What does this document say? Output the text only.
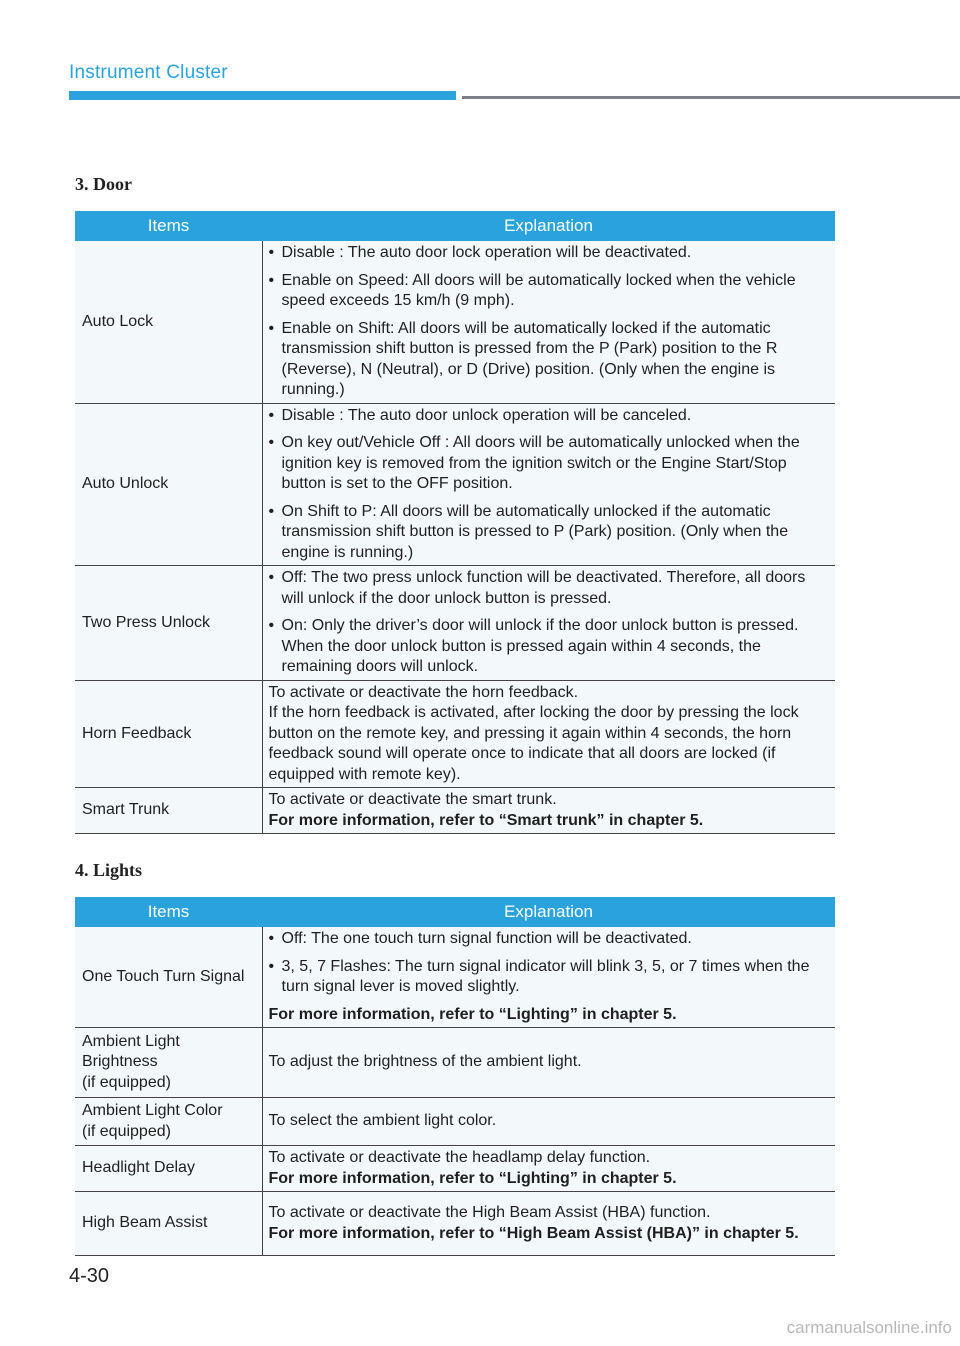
Instrument Cluster
3. Door
Items	Explanation
Auto Lock	• Disable : The auto door lock operation will be deactivated.
• Enable on Speed: All doors will be automatically locked when the vehicle speed exceeds 15 km/h (9 mph).
• Enable on Shift: All doors will be automatically locked if the automatic transmission shift button is pressed from the P (Park) position to the R (Reverse), N (Neutral), or D (Drive) position. (Only when the engine is running.)

Auto Unlock	• Disable : The auto door unlock operation will be canceled.
• On key out/Vehicle Off : All doors will be automatically unlocked when the ignition key is removed from the ignition switch or the Engine Start/Stop button is set to the OFF position.
• On Shift to P: All doors will be automatically unlocked if the automatic transmission shift button is pressed to P (Park) position. (Only when the engine is running.)

Two Press Unlock	• Off: The two press unlock function will be deactivated. Therefore, all doors will unlock if the door unlock button is pressed.
• On: Only the driver’s door will unlock if the door unlock button is pressed. When the door unlock button is pressed again within 4 seconds, the remaining doors will unlock.

Horn Feedback	To activate or deactivate the horn feedback.

If the horn feedback is activated, after locking the door by pressing the lock button on the remote key, and pressing it again within 4 seconds, the horn feedback sound will operate once to indicate that all doors are locked (if equipped with remote key).

Smart Trunk	To activate or deactivate the smart trunk.

For more information, refer to “Smart trunk” in chapter 5.

4. Lights
Items	Explanation
One Touch Turn Signal	• Off: The one touch turn signal function will be deactivated.
• 3, 5, 7 Flashes: The turn signal indicator will blink 3, 5, or 7 times when the turn signal lever is moved slightly.

For more information, refer to “Lighting” in chapter 5.

Ambient Light
Brightness
(if equipped)	To adjust the brightness of the ambient light.

Ambient Light Color
(if equipped)	To select the ambient light color.

Headlight Delay	To activate or deactivate the headlamp delay function.

For more information, refer to “Lighting” in chapter 5.

High Beam Assist	To activate or deactivate the High Beam Assist (HBA) function.

For more information, refer to “High Beam Assist (HBA)” in chapter 5.

4-30
carmanualsonline.info
